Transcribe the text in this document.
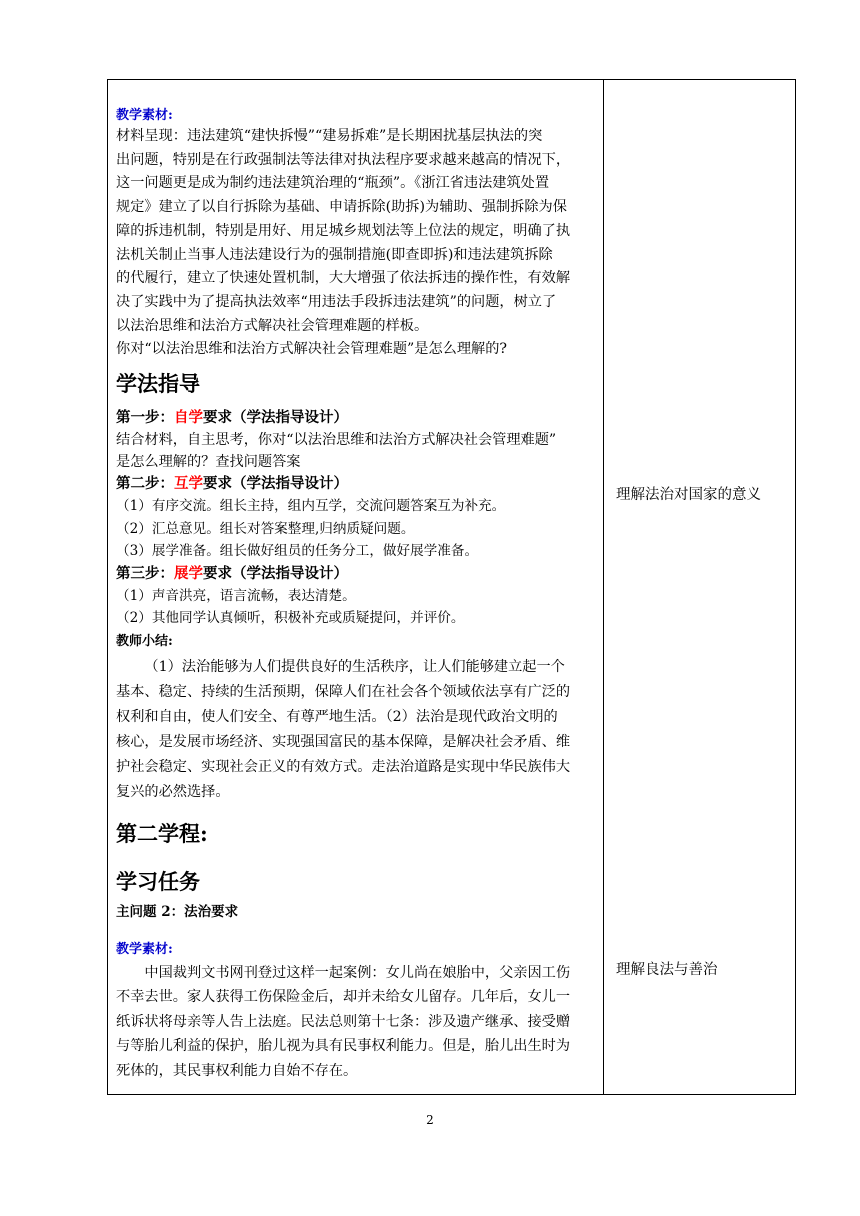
教学素材:

材料呈现：违法建筑“建快拆慢”“建易拆难”是长期困扰基层执法的突

出问题，特别是在行政强制法等法律对执法程序要求越来越高的情况下，

这一问题更是成为制约违法建筑治理的“瓶颈”。《浙江省违法建筑处置

规定》建立了以自行拆除为基础、申请拆除(助拆)为辅助、强制拆除为保

障的拆违机制，特别是用好、用足城乡规划法等上位法的规定，明确了执

法机关制止当事人违法建设行为的强制措施(即查即拆)和违法建筑拆除

的代履行，建立了快速处置机制，大大增强了依法拆违的操作性，有效解

决了实践中为了提高执法效率“用违法手段拆违法建筑”的问题，树立了

以法治思维和法治方式解决社会管理难题的样板。

你对“以法治思维和法治方式解决社会管理难题”是怎么理解的?

学法指导

第一步：自学要求（学法指导设计）

结合材料，自主思考，你对“以法治思维和法治方式解决社会管理难题”

是怎么理解的？查找问题答案

第二步：互学要求（学法指导设计）

（1）有序交流。组长主持，组内互学，交流问题答案互为补充。

（2）汇总意见。组长对答案整理,归纳质疑问题。

（3）展学准备。组长做好组员的任务分工，做好展学准备。

第三步：展学要求（学法指导设计）

（1）声音洪亮，语言流畅，表达清楚。

（2）其他同学认真倾听，积极补充或质疑提问，并评价。

教师小结:

（1）法治能够为人们提供良好的生活秩序，让人们能够建立起一个

基本、稳定、持续的生活预期，保障人们在社会各个领域依法享有广泛的

权利和自由，使人们安全、有尊严地生活。（2）法治是现代政治文明的

核心，是发展市场经济、实现强国富民的基本保障，是解决社会矛盾、维

护社会稳定、实现社会正义的有效方式。走法治道路是实现中华民族伟大

复兴的必然选择。

第二学程:

学习任务

主问题 2：法治要求

教学素材:

中国裁判文书网刊登过这样一起案例：女儿尚在娘胎中，父亲因工伤

不幸去世。家人获得工伤保险金后，却并未给女儿留存。几年后，女儿一

纸诉状将母亲等人告上法庭。民法总则第十七条：涉及遗产继承、接受赠

与等胎儿利益的保护，胎儿视为具有民事权利能力。但是，胎儿出生时为

死体的，其民事权利能力自始不存在。

理解法治对国家的意义
理解良法与善治
2
